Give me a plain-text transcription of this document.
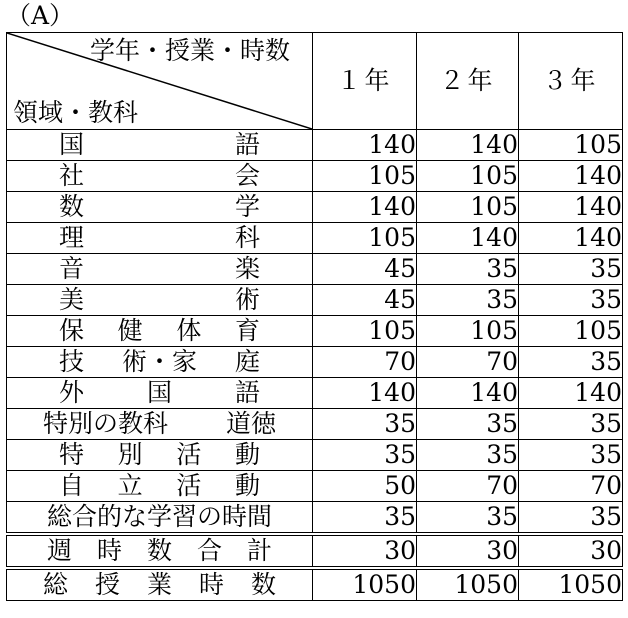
（A）
学年・授業・時数
領域・教科	１年	２年	３年

国 語	140	140	105

社 会	105	105	140

数 学	140	105	140

理 科	105	140	140

音 楽	45	35	35

美 術	45	35	35

保 健 体 育	105	105	105

技 術・家 庭	70	70	35

外 国 語	140	140	140

特別の教科 道徳	35	35	35

特 別 活 動	35	35	35

自 立 活 動	50	70	70

総合的な学習の時間	35	35	35

週 時 数 合 計	30	30	30

総 授 業 時 数	1050	1050	1050
